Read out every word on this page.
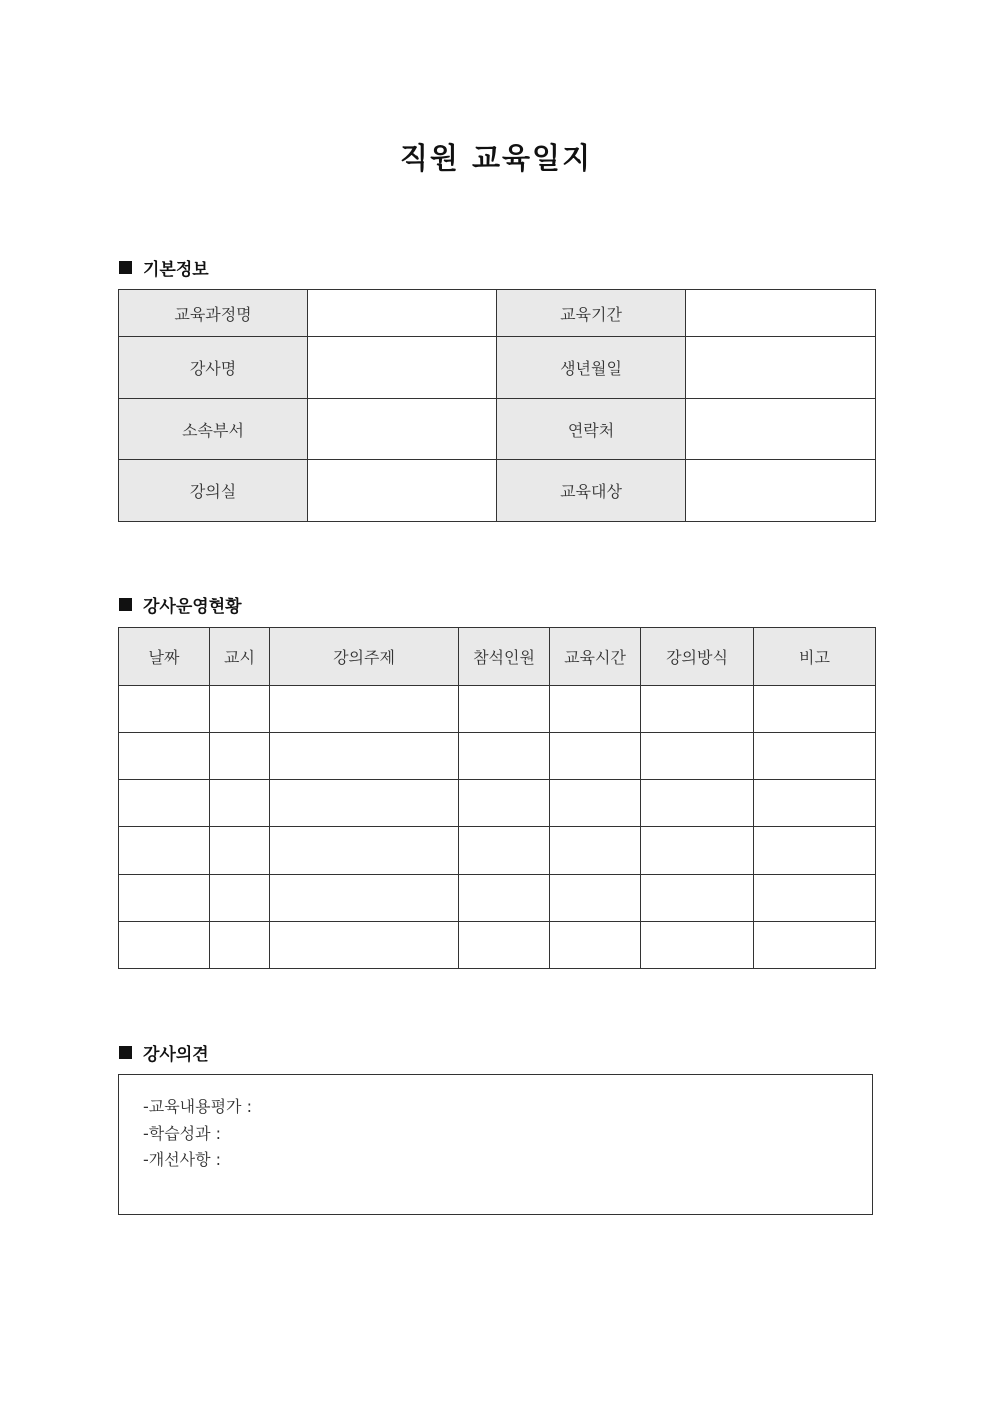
직원 교육일지
기본정보
교육과정명		교육기간	
강사명		생년월일	
소속부서		연락처	
강의실		교육대상	
강사운영현황
날짜	교시	강의주제	참석인원	교육시간	강의방식	비고

강사의견
-교육내용평가 :
-학습성과 :
-개선사항 :
